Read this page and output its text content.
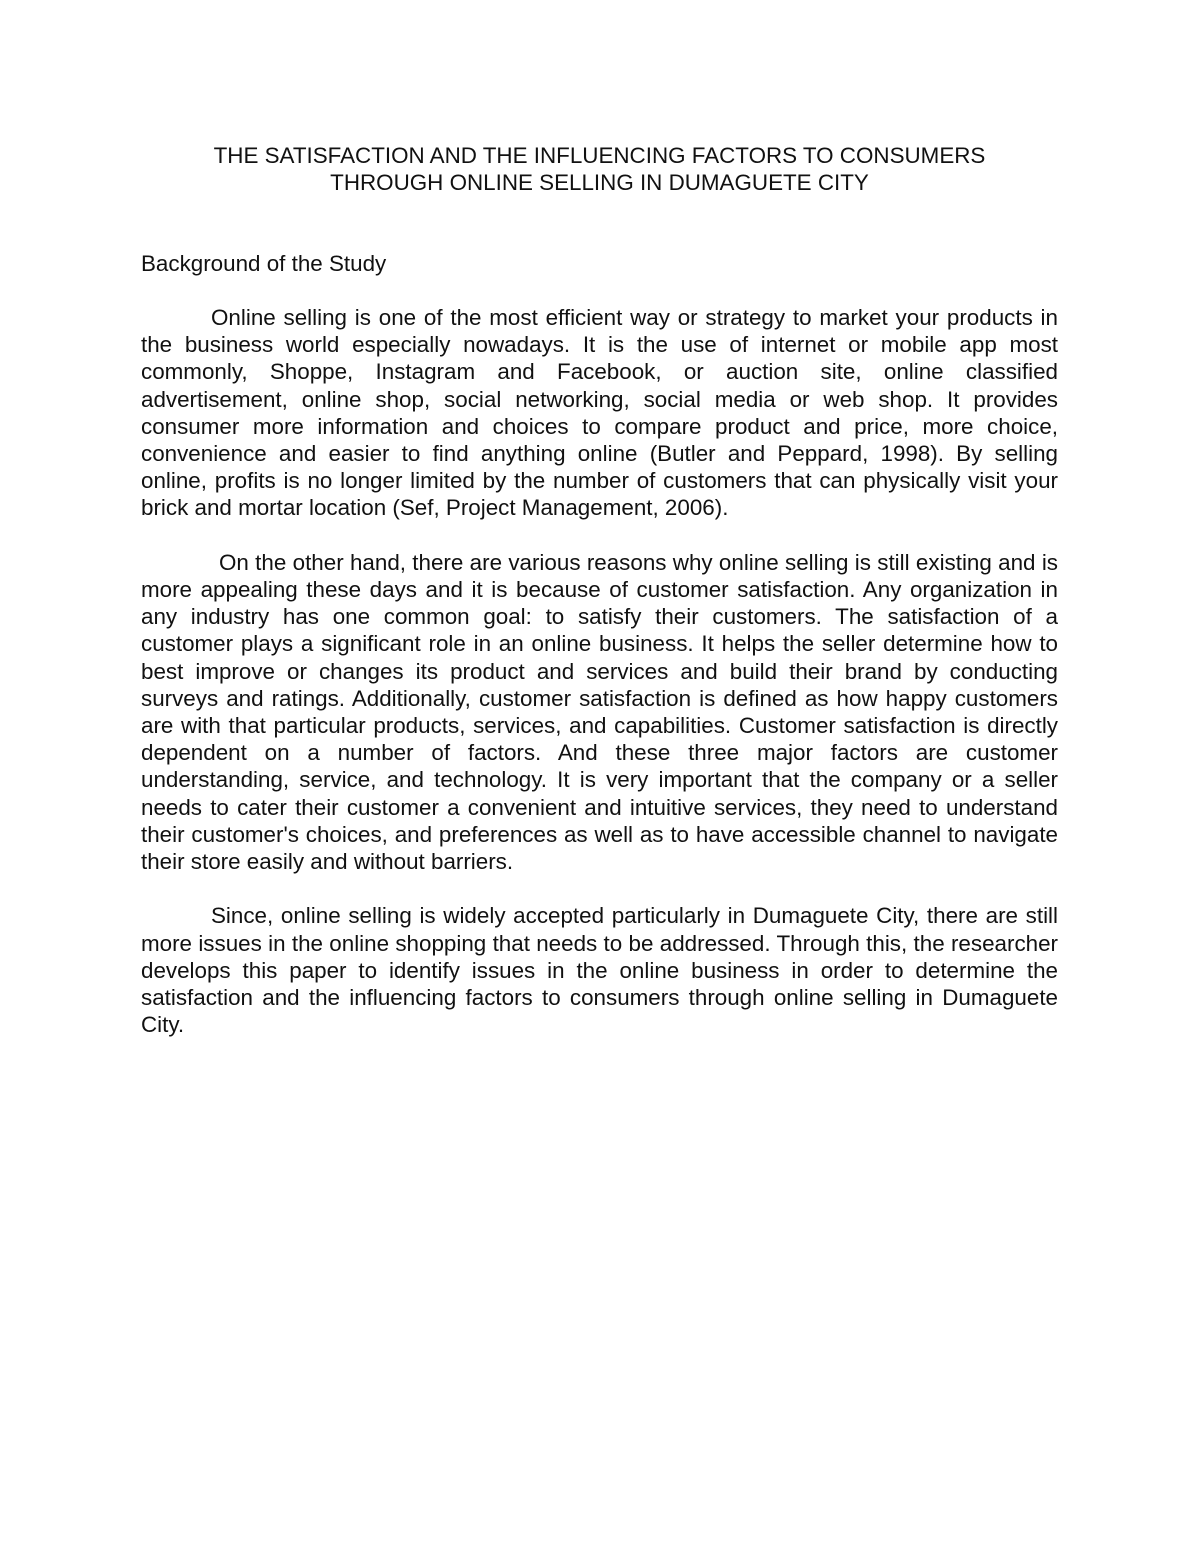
THE SATISFACTION AND THE INFLUENCING FACTORS TO CONSUMERS
THROUGH ONLINE SELLING IN DUMAGUETE CITY
Background of the Study

Online selling is one of the most efficient way or strategy to market your products in the business world especially nowadays. It is the use of internet or mobile app most commonly, Shoppe, Instagram and Facebook, or auction site, online classified advertisement, online shop, social networking, social media or web shop. It provides consumer more information and choices to compare product and price, more choice, convenience and easier to find anything online (Butler and Peppard, 1998). By selling online, profits is no longer limited by the number of customers that can physically visit your brick and mortar location (Sef, Project Management, 2006).

On the other hand, there are various reasons why online selling is still existing and is more appealing these days and it is because of customer satisfaction. Any organization in any industry has one common goal: to satisfy their customers. The satisfaction of a customer plays a significant role in an online business. It helps the seller determine how to best improve or changes its product and services and build their brand by conducting surveys and ratings. Additionally, customer satisfaction is defined as how happy customers are with that particular products, services, and capabilities. Customer satisfaction is directly dependent on a number of factors. And these three major factors are customer understanding, service, and technology. It is very important that the company or a seller needs to cater their customer a convenient and intuitive services, they need to understand their customer's choices, and preferences as well as to have accessible channel to navigate their store easily and without barriers.

Since, online selling is widely accepted particularly in Dumaguete City, there are still more issues in the online shopping that needs to be addressed. Through this, the researcher develops this paper to identify issues in the online business in order to determine the satisfaction and the influencing factors to consumers through online selling in Dumaguete City.
